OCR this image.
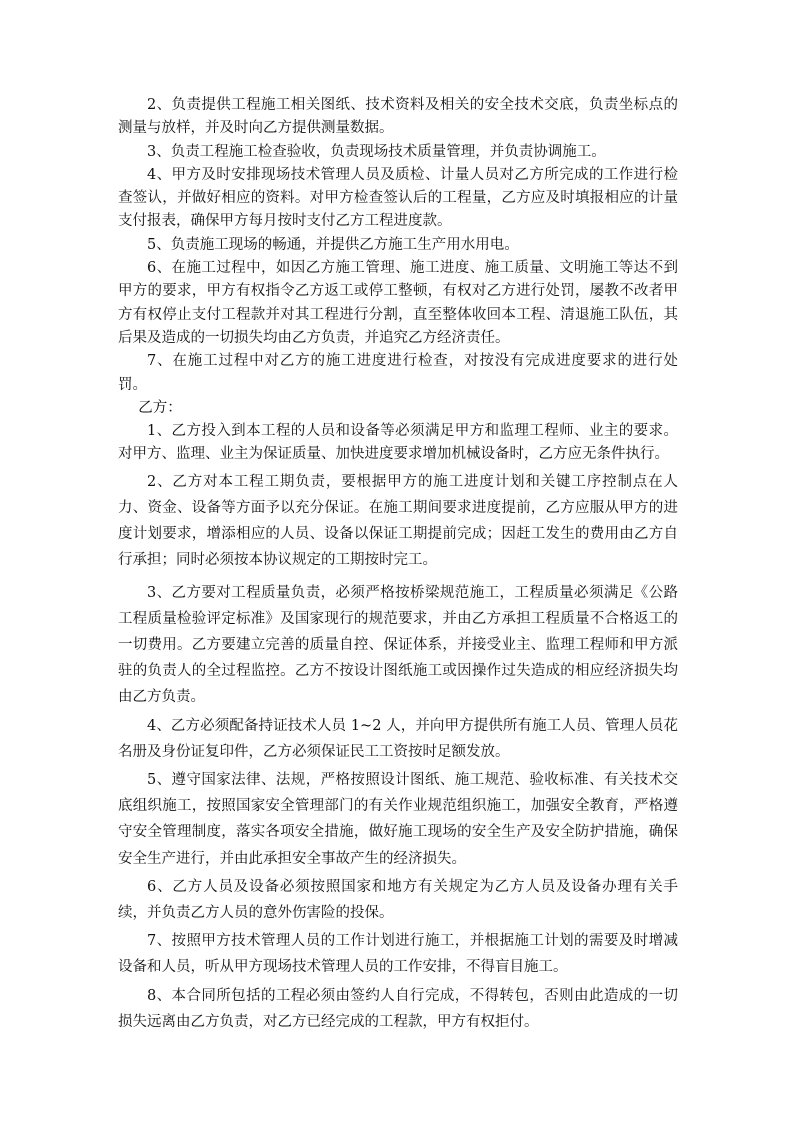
2、负责提供工程施工相关图纸、技术资料及相关的安全技术交底，负责坐标点的测量与放样，并及时向乙方提供测量数据。

3、负责工程施工检查验收，负责现场技术质量管理，并负责协调施工。

4、甲方及时安排现场技术管理人员及质检、计量人员对乙方所完成的工作进行检查签认，并做好相应的资料。对甲方检查签认后的工程量，乙方应及时填报相应的计量支付报表，确保甲方每月按时支付乙方工程进度款。

5、负责施工现场的畅通，并提供乙方施工生产用水用电。

6、在施工过程中，如因乙方施工管理、施工进度、施工质量、文明施工等达不到甲方的要求，甲方有权指令乙方返工或停工整顿，有权对乙方进行处罚，屡教不改者甲方有权停止支付工程款并对其工程进行分割，直至整体收回本工程、清退施工队伍，其后果及造成的一切损失均由乙方负责，并追究乙方经济责任。

7、在施工过程中对乙方的施工进度进行检查，对按没有完成进度要求的进行处罚。

乙方：

1、乙方投入到本工程的人员和设备等必须满足甲方和监理工程师、业主的要求。对甲方、监理、业主为保证质量、加快进度要求增加机械设备时，乙方应无条件执行。

2、乙方对本工程工期负责，要根据甲方的施工进度计划和关键工序控制点在人力、资金、设备等方面予以充分保证。在施工期间要求进度提前，乙方应服从甲方的进度计划要求，增添相应的人员、设备以保证工期提前完成；因赶工发生的费用由乙方自行承担；同时必须按本协议规定的工期按时完工。

3、乙方要对工程质量负责，必须严格按桥梁规范施工，工程质量必须满足《公路工程质量检验评定标准》及国家现行的规范要求，并由乙方承担工程质量不合格返工的一切费用。乙方要建立完善的质量自控、保证体系，并接受业主、监理工程师和甲方派驻的负责人的全过程监控。乙方不按设计图纸施工或因操作过失造成的相应经济损失均由乙方负责。

4、乙方必须配备持证技术人员 1~2 人，并向甲方提供所有施工人员、管理人员花名册及身份证复印件，乙方必须保证民工工资按时足额发放。

5、遵守国家法律、法规，严格按照设计图纸、施工规范、验收标准、有关技术交底组织施工，按照国家安全管理部门的有关作业规范组织施工，加强安全教育，严格遵守安全管理制度，落实各项安全措施，做好施工现场的安全生产及安全防护措施，确保安全生产进行，并由此承担安全事故产生的经济损失。

6、乙方人员及设备必须按照国家和地方有关规定为乙方人员及设备办理有关手续，并负责乙方人员的意外伤害险的投保。

7、按照甲方技术管理人员的工作计划进行施工，并根据施工计划的需要及时增减设备和人员，听从甲方现场技术管理人员的工作安排，不得盲目施工。

8、本合同所包括的工程必须由签约人自行完成，不得转包，否则由此造成的一切损失远离由乙方负责，对乙方已经完成的工程款，甲方有权拒付。
